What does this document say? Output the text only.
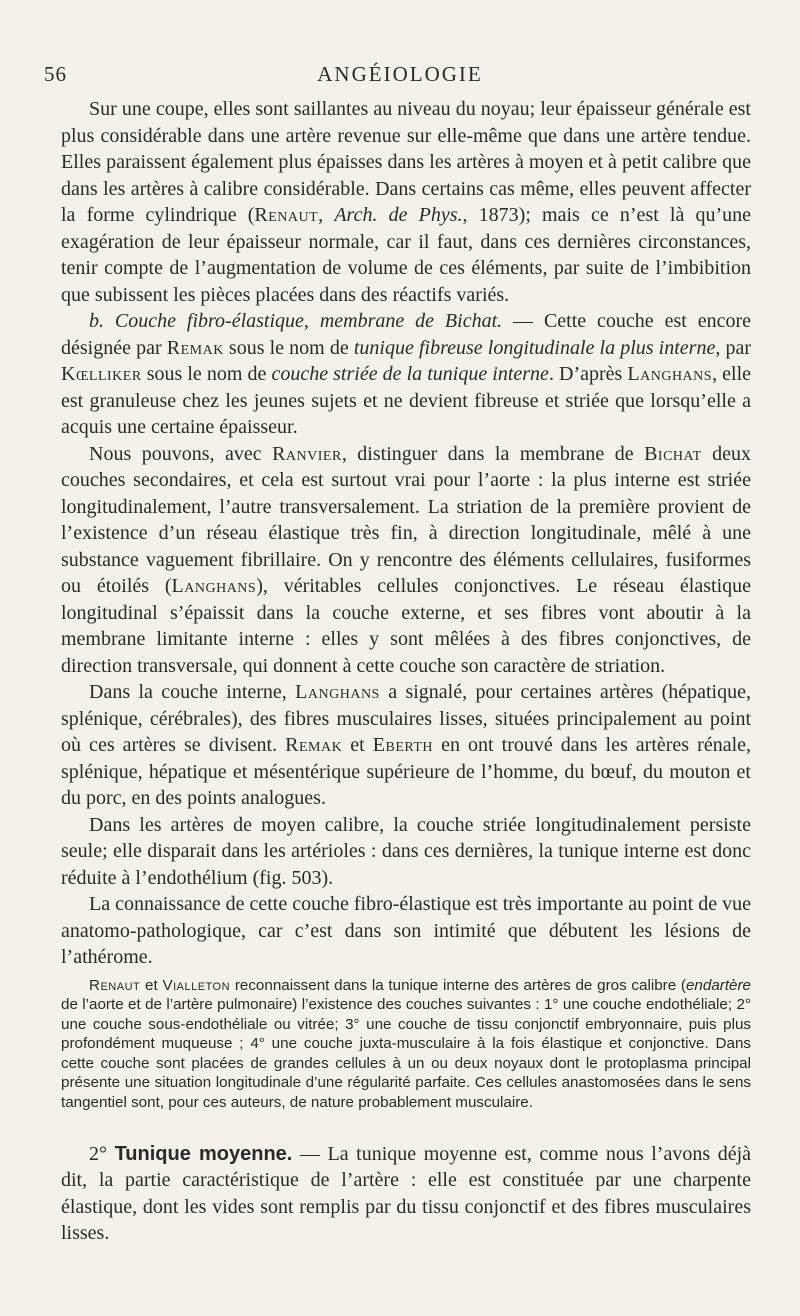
56	ANGÉIOLOGIE

Sur une coupe, elles sont saillantes au niveau du noyau; leur épaisseur générale est plus considérable dans une artère revenue sur elle-même que dans une artère tendue. Elles paraissent également plus épaisses dans les artères à moyen et à petit calibre que dans les artères à calibre considérable. Dans certains cas même, elles peuvent affecter la forme cylindrique (Renaut, Arch. de Phys., 1873); mais ce n’est là qu’une exagération de leur épaisseur normale, car il faut, dans ces dernières circonstances, tenir compte de l’augmentation de volume de ces éléments, par suite de l’imbibition que subissent les pièces placées dans des réactifs variés.

b. Couche fibro-élastique, membrane de Bichat. — Cette couche est encore désignée par Remak sous le nom de tunique fibreuse longitudinale la plus interne, par Kœlliker sous le nom de couche striée de la tunique interne. D’après Langhans, elle est granuleuse chez les jeunes sujets et ne devient fibreuse et striée que lorsqu’elle a acquis une certaine épaisseur.

Nous pouvons, avec Ranvier, distinguer dans la membrane de Bichat deux couches secondaires, et cela est surtout vrai pour l’aorte : la plus interne est striée longitudinalement, l’autre transversalement. La striation de la première provient de l’existence d’un réseau élastique très fin, à direction longitudinale, mêlé à une substance vaguement fibrillaire. On y rencontre des éléments cellulaires, fusiformes ou étoilés (Langhans), véritables cellules conjonctives. Le réseau élastique longitudinal s’épaissit dans la couche externe, et ses fibres vont aboutir à la membrane limitante interne : elles y sont mêlées à des fibres conjonctives, de direction transversale, qui donnent à cette couche son caractère de striation.

Dans la couche interne, Langhans a signalé, pour certaines artères (hépatique, splénique, cérébrales), des fibres musculaires lisses, situées principalement au point où ces artères se divisent. Remak et Eberth en ont trouvé dans les artères rénale, splénique, hépatique et mésentérique supérieure de l’homme, du bœuf, du mouton et du porc, en des points analogues.

Dans les artères de moyen calibre, la couche striée longitudinalement persiste seule; elle disparait dans les artérioles : dans ces dernières, la tunique interne est donc réduite à l’endothélium (fig. 503).

La connaissance de cette couche fibro-élastique est très importante au point de vue anatomo-pathologique, car c’est dans son intimité que débutent les lésions de l’athérome.

Renaut et Vialleton reconnaissent dans la tunique interne des artères de gros calibre (endartère de l’aorte et de l’artère pulmonaire) l’existence des couches suivantes : 1° une couche endothéliale; 2° une couche sous-endothéliale ou vitrée; 3° une couche de tissu conjonctif embryonnaire, puis plus profondément muqueuse ; 4° une couche juxta-musculaire à la fois élastique et conjonctive. Dans cette couche sont placées de grandes cellules à un ou deux noyaux dont le protoplasma principal présente une situation longitudinale d’une régularité parfaite. Ces cellules anastomosées dans le sens tangentiel sont, pour ces auteurs, de nature probablement musculaire.

2° Tunique moyenne. — La tunique moyenne est, comme nous l’avons déjà dit, la partie caractéristique de l’artère : elle est constituée par une charpente élastique, dont les vides sont remplis par du tissu conjonctif et des fibres musculaires lisses.
